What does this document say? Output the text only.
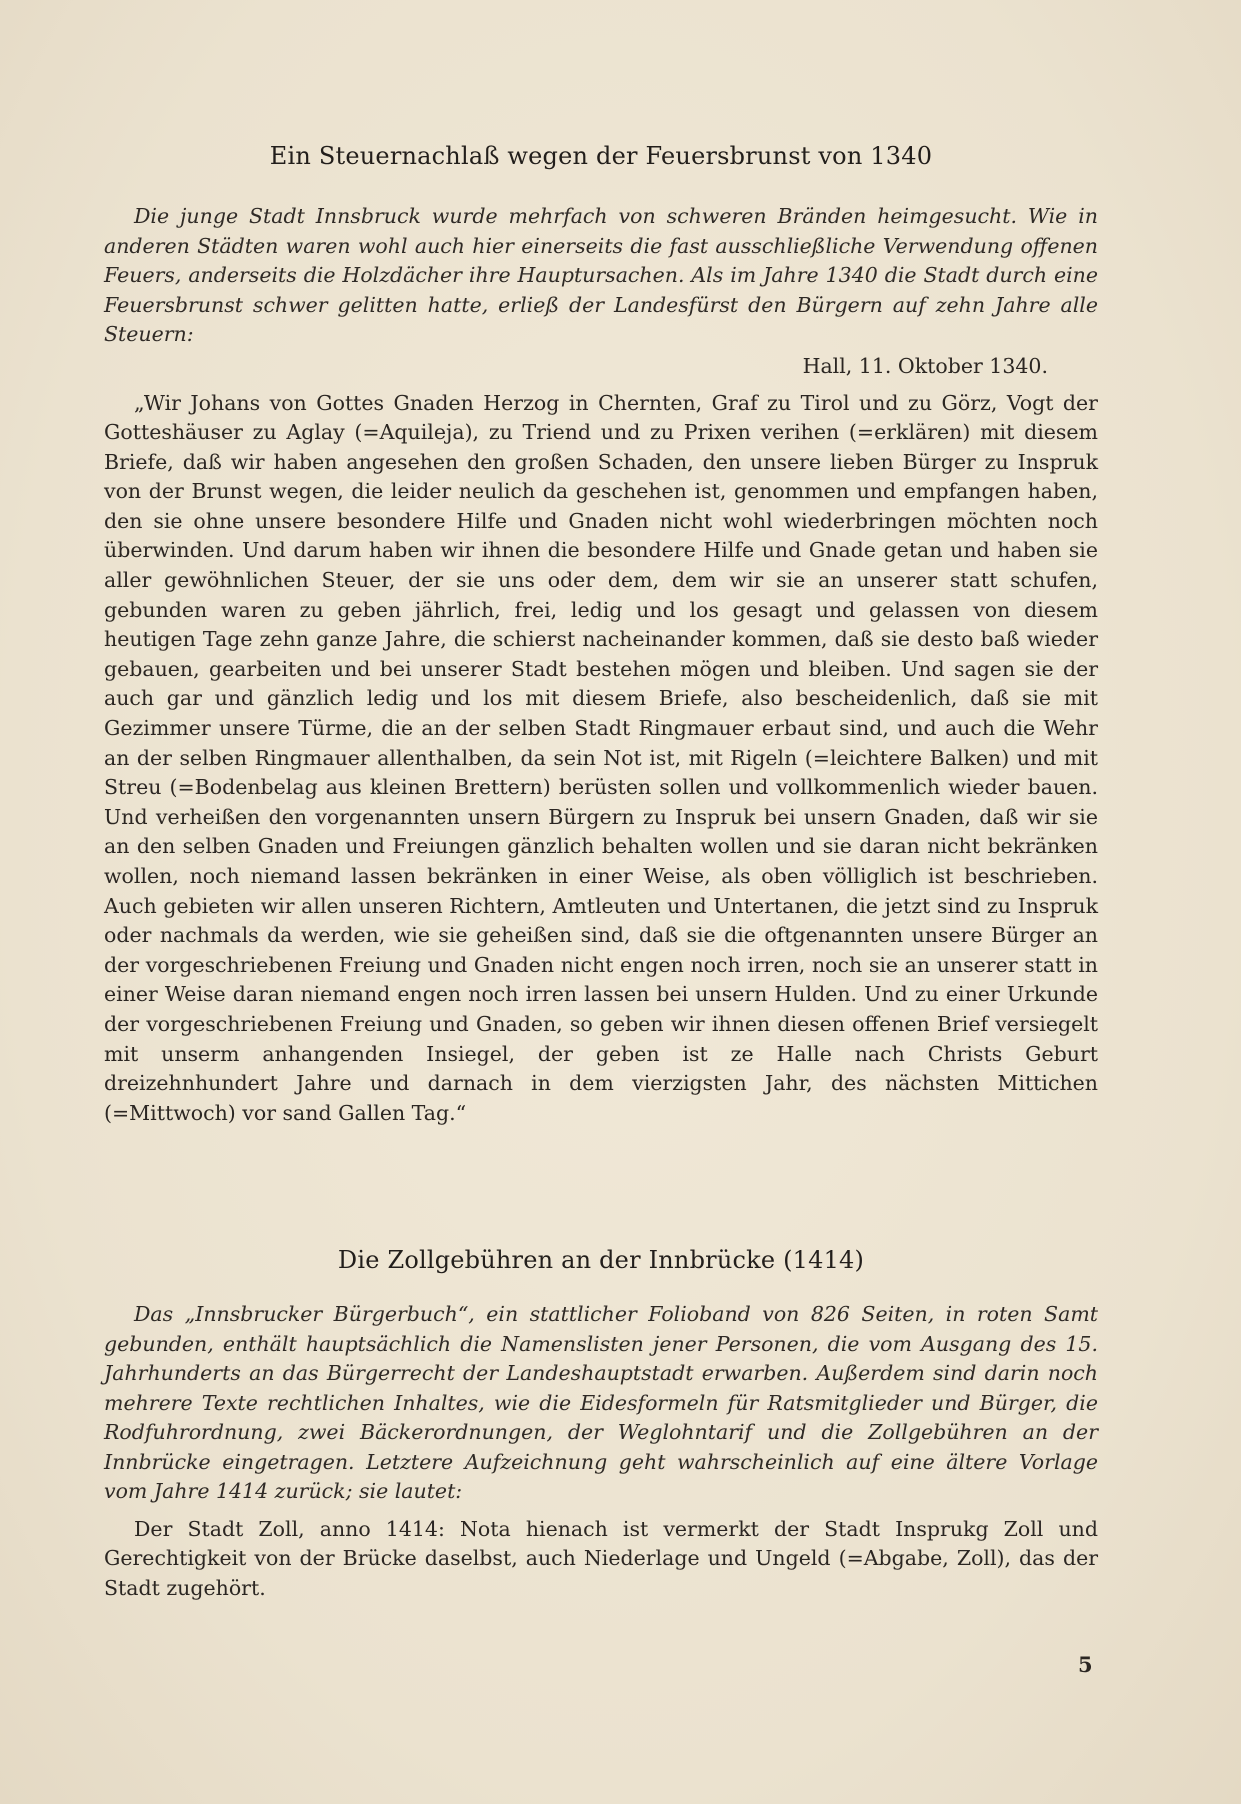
Ein Steuernachlaß wegen der Feuersbrunst von 1340

Die junge Stadt Innsbruck wurde mehrfach von schweren Bränden heimgesucht. Wie in anderen Städten waren wohl auch hier einerseits die fast ausschließliche Verwendung offenen Feuers, anderseits die Holzdächer ihre Hauptursachen. Als im Jahre 1340 die Stadt durch eine Feuersbrunst schwer gelitten hatte, erließ der Landesfürst den Bürgern auf zehn Jahre alle Steuern:

Hall, 11. Oktober 1340.

„Wir Johans von Gottes Gnaden Herzog in Chernten, Graf zu Tirol und zu Görz, Vogt der Gotteshäuser zu Aglay (=Aquileja), zu Triend und zu Prixen verihen (=erklären) mit diesem Briefe, daß wir haben angesehen den großen Schaden, den unsere lieben Bürger zu Inspruk von der Brunst wegen, die leider neulich da geschehen ist, genommen und empfangen haben, den sie ohne unsere besondere Hilfe und Gnaden nicht wohl wiederbringen möchten noch überwinden. Und darum haben wir ihnen die besondere Hilfe und Gnade getan und haben sie aller gewöhnlichen Steuer, der sie uns oder dem, dem wir sie an unserer statt schufen, gebunden waren zu geben jährlich, frei, ledig und los gesagt und gelassen von diesem heutigen Tage zehn ganze Jahre, die schierst nacheinander kommen, daß sie desto baß wieder gebauen, gearbeiten und bei unserer Stadt bestehen mögen und bleiben. Und sagen sie der auch gar und gänzlich ledig und los mit diesem Briefe, also bescheidenlich, daß sie mit Gezimmer unsere Türme, die an der selben Stadt Ringmauer erbaut sind, und auch die Wehr an der selben Ringmauer allenthalben, da sein Not ist, mit Rigeln (=leichtere Balken) und mit Streu (=Bodenbelag aus kleinen Brettern) berüsten sollen und vollkommenlich wieder bauen. Und verheißen den vorgenannten unsern Bürgern zu Inspruk bei unsern Gnaden, daß wir sie an den selben Gnaden und Freiungen gänzlich behalten wollen und sie daran nicht bekränken wollen, noch niemand lassen bekränken in einer Weise, als oben völliglich ist beschrieben. Auch gebieten wir allen unseren Richtern, Amtleuten und Untertanen, die jetzt sind zu Inspruk oder nachmals da werden, wie sie geheißen sind, daß sie die oftgenannten unsere Bürger an der vorgeschriebenen Freiung und Gnaden nicht engen noch irren, noch sie an unserer statt in einer Weise daran niemand engen noch irren lassen bei unsern Hulden. Und zu einer Urkunde der vorgeschriebenen Freiung und Gnaden, so geben wir ihnen diesen offenen Brief versiegelt mit unserm anhangenden Insiegel, der geben ist ze Halle nach Christs Geburt dreizehnhundert Jahre und darnach in dem vierzigsten Jahr, des nächsten Mittichen (=Mittwoch) vor sand Gallen Tag.“

Die Zollgebühren an der Innbrücke (1414)

Das „Innsbrucker Bürgerbuch“, ein stattlicher Folioband von 826 Seiten, in roten Samt gebunden, enthält hauptsächlich die Namenslisten jener Personen, die vom Ausgang des 15. Jahrhunderts an das Bürgerrecht der Landeshauptstadt erwarben. Außerdem sind darin noch mehrere Texte rechtlichen Inhaltes, wie die Eidesformeln für Ratsmitglieder und Bürger, die Rodfuhrordnung, zwei Bäckerordnungen, der Weglohntarif und die Zollgebühren an der Innbrücke eingetragen. Letztere Aufzeichnung geht wahrscheinlich auf eine ältere Vorlage vom Jahre 1414 zurück; sie lautet:

Der Stadt Zoll, anno 1414: Nota hienach ist vermerkt der Stadt Insprukg Zoll und Gerechtigkeit von der Brücke daselbst, auch Niederlage und Ungeld (=Abgabe, Zoll), das der Stadt zugehört.

5
